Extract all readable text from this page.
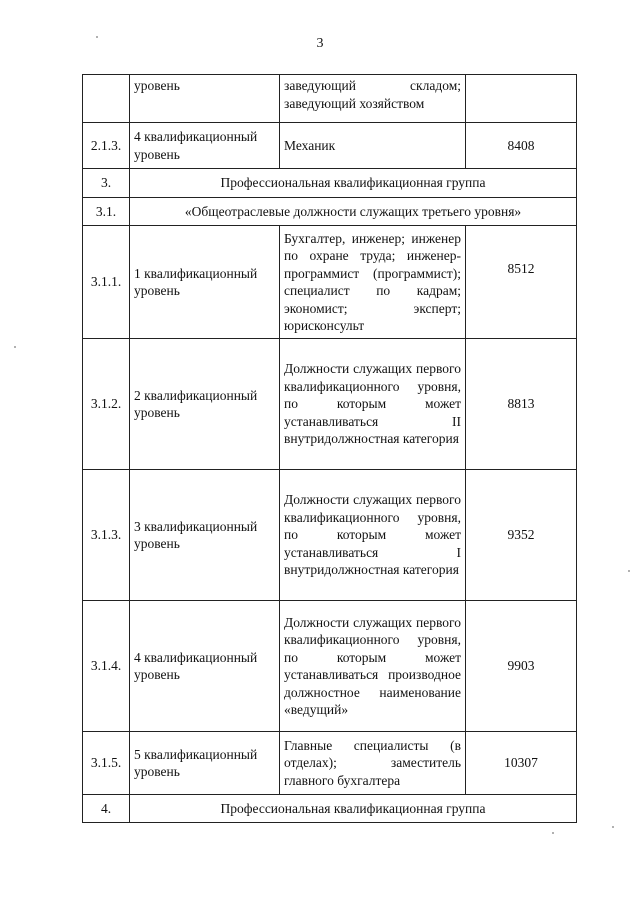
3
	уровень	заведующий складом; заведующий хозяйством	
2.1.3.	4 квалификационный уровень	Механик	8408
3.	Профессиональная квалификационная группа		
3.1.	«Общеотраслевые должности служащих третьего уровня»		
3.1.1.	1 квалификационный уровень	Бухгалтер, инженер; инженер по охране труда; инженер-программист (программист); специалист по кадрам; экономист; эксперт; юрисконсульт	8512
3.1.2.	2 квалификационный уровень	Должности служащих первого квалификационного уровня, по которым может устанавливаться II внутридолжностная категория	8813
3.1.3.	3 квалификационный уровень	Должности служащих первого квалификационного уровня, по которым может устанавливаться I внутридолжностная категория	9352
3.1.4.	4 квалификационный уровень	Должности служащих первого квалификационного уровня, по которым может устанавливаться производное должностное наименование «ведущий»	9903
3.1.5.	5 квалификационный уровень	Главные специалисты (в отделах); заместитель главного бухгалтера	10307
4.	Профессиональная квалификационная группа		
